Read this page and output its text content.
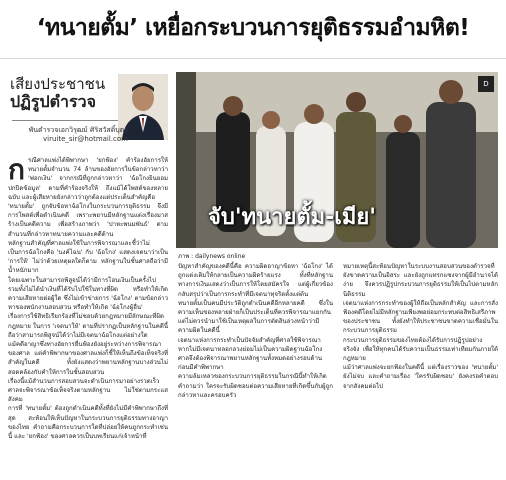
‘ทนายตั้ม’ เหยื่อกระบวนการยุติธรรมอำมหิต!
เสียงประชาชน
ปฏิรูปตำรวจ
พันตำรวจเอกวิรุฒม์ ศิริสวัสดิ์บุตร
viruite_sir@hotmail.com
D
จับ'ทนายตั้ม-เมีย'
ภาพ : dailynews online

กรณีศาลแพ่งได้พิพากษา 'ยกฟ้อง' คำร้องอัยการให้ทนายตั้มจำนวน 74 ล้านของอัยการในข้อกล่าวหาว่า 'ฟอกเงิน' จากกรณีที่ถูกกล่าวหาว่า 'ฉ้อโกงยินยอมปกปิดข้อมูล' ตามที่คำร้องจริงให้ ถึงแม้ได้โพสต์ของหลายฉบับ และผู้เสียหายยังกล่าวว่าถูกต้องแต่ประเด็นสำคัญคือ

'ทนายตั้ม' ถูกจับข้อหาฉ้อโกงในกระบวนการยุติธรรม จึงมีการโพสต์เพื่อดำเนินคดี เพราะพยานมีหลักฐานแต่งเรื่องมาสร้างเป็นคดีความ เพื่อสร้างภาพว่า 'ปาหะพนมพันธ์' ตามสำนวนที่กล่าวหาทนายความและคดีด้าน

หลักฐานสำคัญที่ศาลแพ่งใช้ในการพิจารณาและชี้ว่าไม่เป็นการฉ้อโกงคือ 'นงค์ไฉน' กับ 'ฉ้อโกง' แสดงเจตนาว่าเป็น 'การให้' ไม่ว่าด้วยเหตุผลใดก็ตาม หลักฐานในชั้นศาลถือว่ามีน้ำหนักมาก

โดยเฉพาะในสามารถพิสูจน์ได้ว่ามีการโอนเงินเป็นครั้งไป รวมทั้งไม่ได้นำเงินที่ได้รับไปใช้ในทางที่ผิด หรือทำให้เกิดความเสียหายต่อผู้ใด ซึ่งไม่เข้าข่ายการ 'ฉ้อโกง' ตามข้อกล่าวหาของพนักงานสอบสวน หรือทำให้เกิด 'ฉ้อโกงผู้อื่น'

เรื่องการใช้สิทธิเรียกร้องที่ไม่ชอบด้วยกฎหมายมีลักษณะที่ผิดกฎหมาย ในการ 'เจตนาให้' ตามที่ปรากฏเป็นหลักฐานในคดีนี้ ถือว่าสามารถพิสูจน์ได้ว่าไม่มีเจตนาฉ้อโกงแต่อย่างใด

แม้คดีอาญาซึ่งทางอัยการยื่นฟ้องยังอยู่ระหว่างการพิจารณาของศาล แต่คำพิพากษาของศาลแพ่งก็ชี้ให้เห็นถึงข้อเท็จจริงที่สำคัญในคดี ทั้งยังแสดงว่าพยานหลักฐานบางส่วนไม่สอดคล้องกับคำให้การในชั้นสอบสวน

เรื่องนี้แม้สำนวนการสอบสวนจะดำเนินการมาอย่างรวดเร็ว ศาลจะพิจารณาข้อเท็จจริงตามหลักฐาน ไม่ใช่ตามกระแสสังคม

การที่ 'ทนายตั้ม' ต้องถูกดำเนินคดีทั้งที่ยังไม่มีคำพิพากษาถึงที่สุด สะท้อนให้เห็นปัญหาในกระบวนการยุติธรรมทางอาญาของไทย คำถามคือกระบวนการใดที่ปล่อยให้คนถูกกระทำเช่นนี้ และ 'ยกฟ้อง' ของศาลควรเป็นบทเรียนแก่เจ้าหน้าที่

ปัญหาสำคัญของคดีนี้คือ ความผิดอาญาข้อหา 'ฉ้อโกง' ได้ถูกแต่งเติมให้กลายเป็นความผิดร้ายแรง ทั้งที่หลักฐานทางการเงินแสดงว่าเป็นการให้โดยสมัครใจ แต่ผู้เกี่ยวข้องกลับสรุปว่าเป็นการกระทำที่มีเจตนาทุจริตตั้งแต่ต้น

ทนายตั้มเป็นคนมีประวัติถูกดำเนินคดีอีกหลายคดี ซึ่งในความเห็นของหลายฝ่ายก็เป็นประเด็นที่ควรพิจารณาแยกกัน แต่ไม่ควรนำมาใช้เป็นเหตุผลในการตัดสินล่วงหน้าว่ามีความผิดในคดีนี้

เจตนาแห่งการกระทำเป็นปัจจัยสำคัญที่ศาลใช้พิจารณา หากไม่มีเจตนาหลอกลวงย่อมไม่เป็นความผิดฐานฉ้อโกง ศาลจึงต้องพิจารณาพยานหลักฐานทั้งหมดอย่างรอบด้านก่อนมีคำพิพากษา

ความล้มเหลวของกระบวนการยุติธรรมในกรณีนี้ทำให้เกิดคำถามว่า ใครจะรับผิดชอบต่อความเสียหายที่เกิดขึ้นกับผู้ถูกกล่าวหาและครอบครัว

หมายเหตุนี้สะท้อนปัญหาในระบบงานสอบสวนของตำรวจที่ยังขาดความเป็นอิสระ และยังถูกแทรกแซงจากผู้มีอำนาจได้ง่าย จึงควรปฏิรูปกระบวนการยุติธรรมให้เป็นไปตามหลักนิติธรรม

เจตนาแห่งการกระทำของผู้ให้ถือเป็นหลักสำคัญ และการสั่งฟ้องคดีโดยไม่มีหลักฐานเพียงพอย่อมกระทบต่อสิทธิเสรีภาพของประชาชน ทั้งยังทำให้ประชาชนขาดความเชื่อมั่นในกระบวนการยุติธรรม

กระบวนการยุติธรรมของไทยต้องได้รับการปฏิรูปอย่างจริงจัง เพื่อให้ทุกคนได้รับความเป็นธรรมเท่าเทียมกันภายใต้กฎหมาย

แม้ว่าศาลแพ่งจะยกฟ้องในคดีนี้ แต่เรื่องราวของ 'ทนายตั้ม' ยังไม่จบ และคำถามเรื่อง 'ใครรับผิดชอบ' ยังคงรอคำตอบจากสังคมต่อไป
